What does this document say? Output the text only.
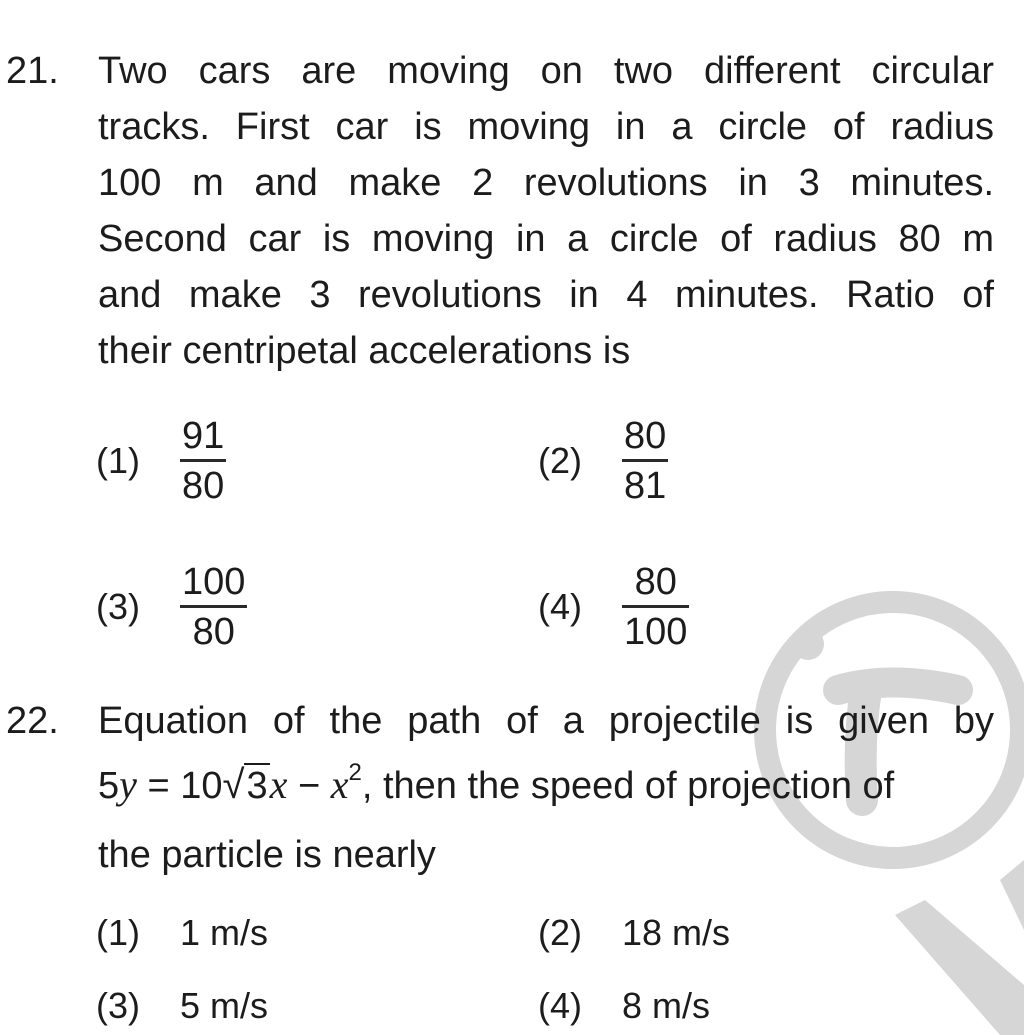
21. Two cars are moving on two different circular
tracks. First car is moving in a circle of radius
100 m and make 2 revolutions in 3 minutes.
Second car is moving in a circle of radius 80 m
and make 3 revolutions in 4 minutes. Ratio of
their centripetal accelerations is
(1)	$\frac{91}{80}$	(2)	$\frac{80}{81}$
(3)	$\frac{100}{80}$	(4)	$\frac{80}{100}$
22. Equation of the path of a projectile is given by
$5y = 10√3x - x^2$, then the speed of projection of
the particle is nearly
(1)	1 m/s	(2)	18 m/s
(3)	5 m/s	(4)	8 m/s
